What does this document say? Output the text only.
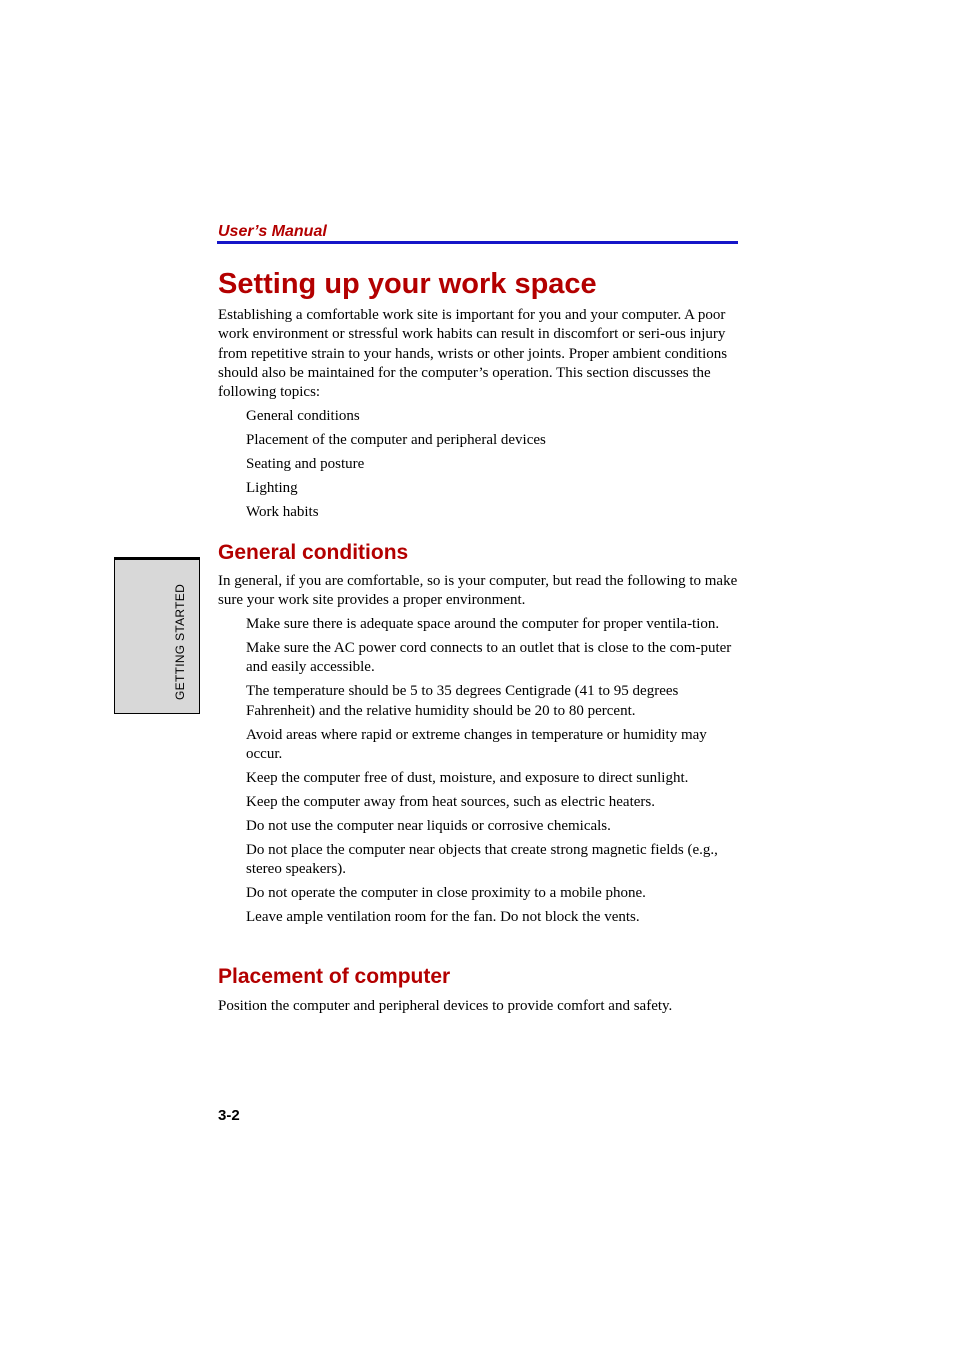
User’s Manual
Setting up your work space

Establishing a comfortable work site is important for you and your computer. A poor work environment or stressful work habits can result in discomfort or seri-ous injury from repetitive strain to your hands, wrists or other joints. Proper ambient conditions should also be maintained for the computer’s operation. This section discusses the following topics:

General conditions
Placement of the computer and peripheral devices
Seating and posture
Lighting
Work habits
General conditions

In general, if you are comfortable, so is your computer, but read the following to make sure your work site provides a proper environment.

Make sure there is adequate space around the computer for proper ventila-tion.
Make sure the AC power cord connects to an outlet that is close to the com-puter and easily accessible.
The temperature should be 5 to 35 degrees Centigrade (41 to 95 degrees Fahrenheit) and the relative humidity should be 20 to 80 percent.
Avoid areas where rapid or extreme changes in temperature or humidity may occur.
Keep the computer free of dust, moisture, and exposure to direct sunlight.
Keep the computer away from heat sources, such as electric heaters.
Do not use the computer near liquids or corrosive chemicals.
Do not place the computer near objects that create strong magnetic fields (e.g., stereo speakers).
Do not operate the computer in close proximity to a mobile phone.
Leave ample ventilation room for the fan. Do not block the vents.
Placement of computer

Position the computer and peripheral devices to provide comfort and safety.

GETTING STARTED
3-2
